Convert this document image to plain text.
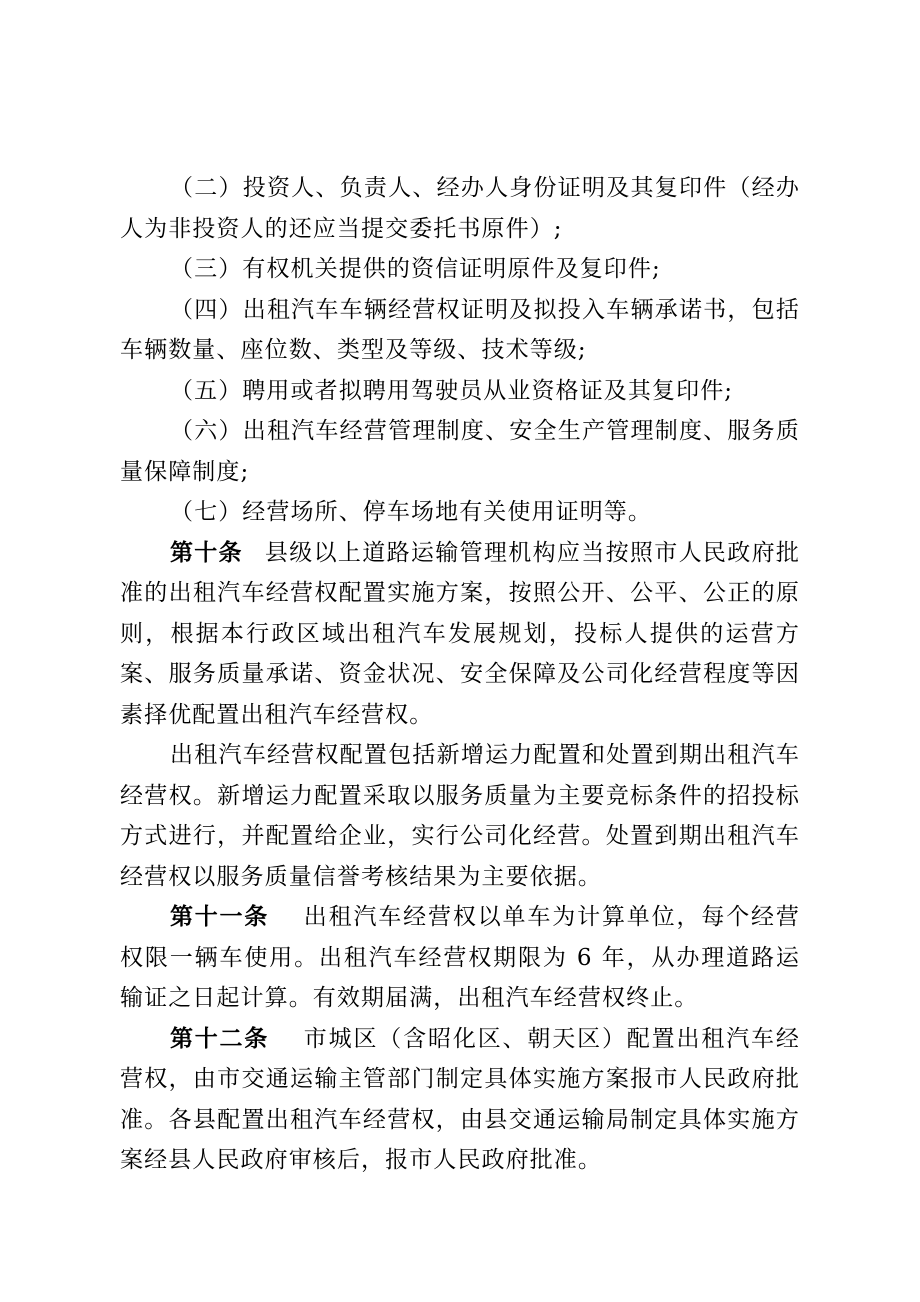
（二）投资人、负责人、经办人身份证明及其复印件（经办人为非投资人的还应当提交委托书原件）;

（三）有权机关提供的资信证明原件及复印件;

（四）出租汽车车辆经营权证明及拟投入车辆承诺书，包括车辆数量、座位数、类型及等级、技术等级;

（五）聘用或者拟聘用驾驶员从业资格证及其复印件;

（六）出租汽车经营管理制度、安全生产管理制度、服务质量保障制度;

（七）经营场所、停车场地有关使用证明等。

第十条 县级以上道路运输管理机构应当按照市人民政府批准的出租汽车经营权配置实施方案，按照公开、公平、公正的原则，根据本行政区域出租汽车发展规划，投标人提供的运营方案、服务质量承诺、资金状况、安全保障及公司化经营程度等因素择优配置出租汽车经营权。

出租汽车经营权配置包括新增运力配置和处置到期出租汽车经营权。新增运力配置采取以服务质量为主要竞标条件的招投标方式进行，并配置给企业，实行公司化经营。处置到期出租汽车经营权以服务质量信誉考核结果为主要依据。

第十一条 出租汽车经营权以单车为计算单位，每个经营权限一辆车使用。出租汽车经营权期限为 6 年，从办理道路运输证之日起计算。有效期届满，出租汽车经营权终止。

第十二条 市城区（含昭化区、朝天区）配置出租汽车经营权，由市交通运输主管部门制定具体实施方案报市人民政府批准。各县配置出租汽车经营权，由县交通运输局制定具体实施方案经县人民政府审核后，报市人民政府批准。
